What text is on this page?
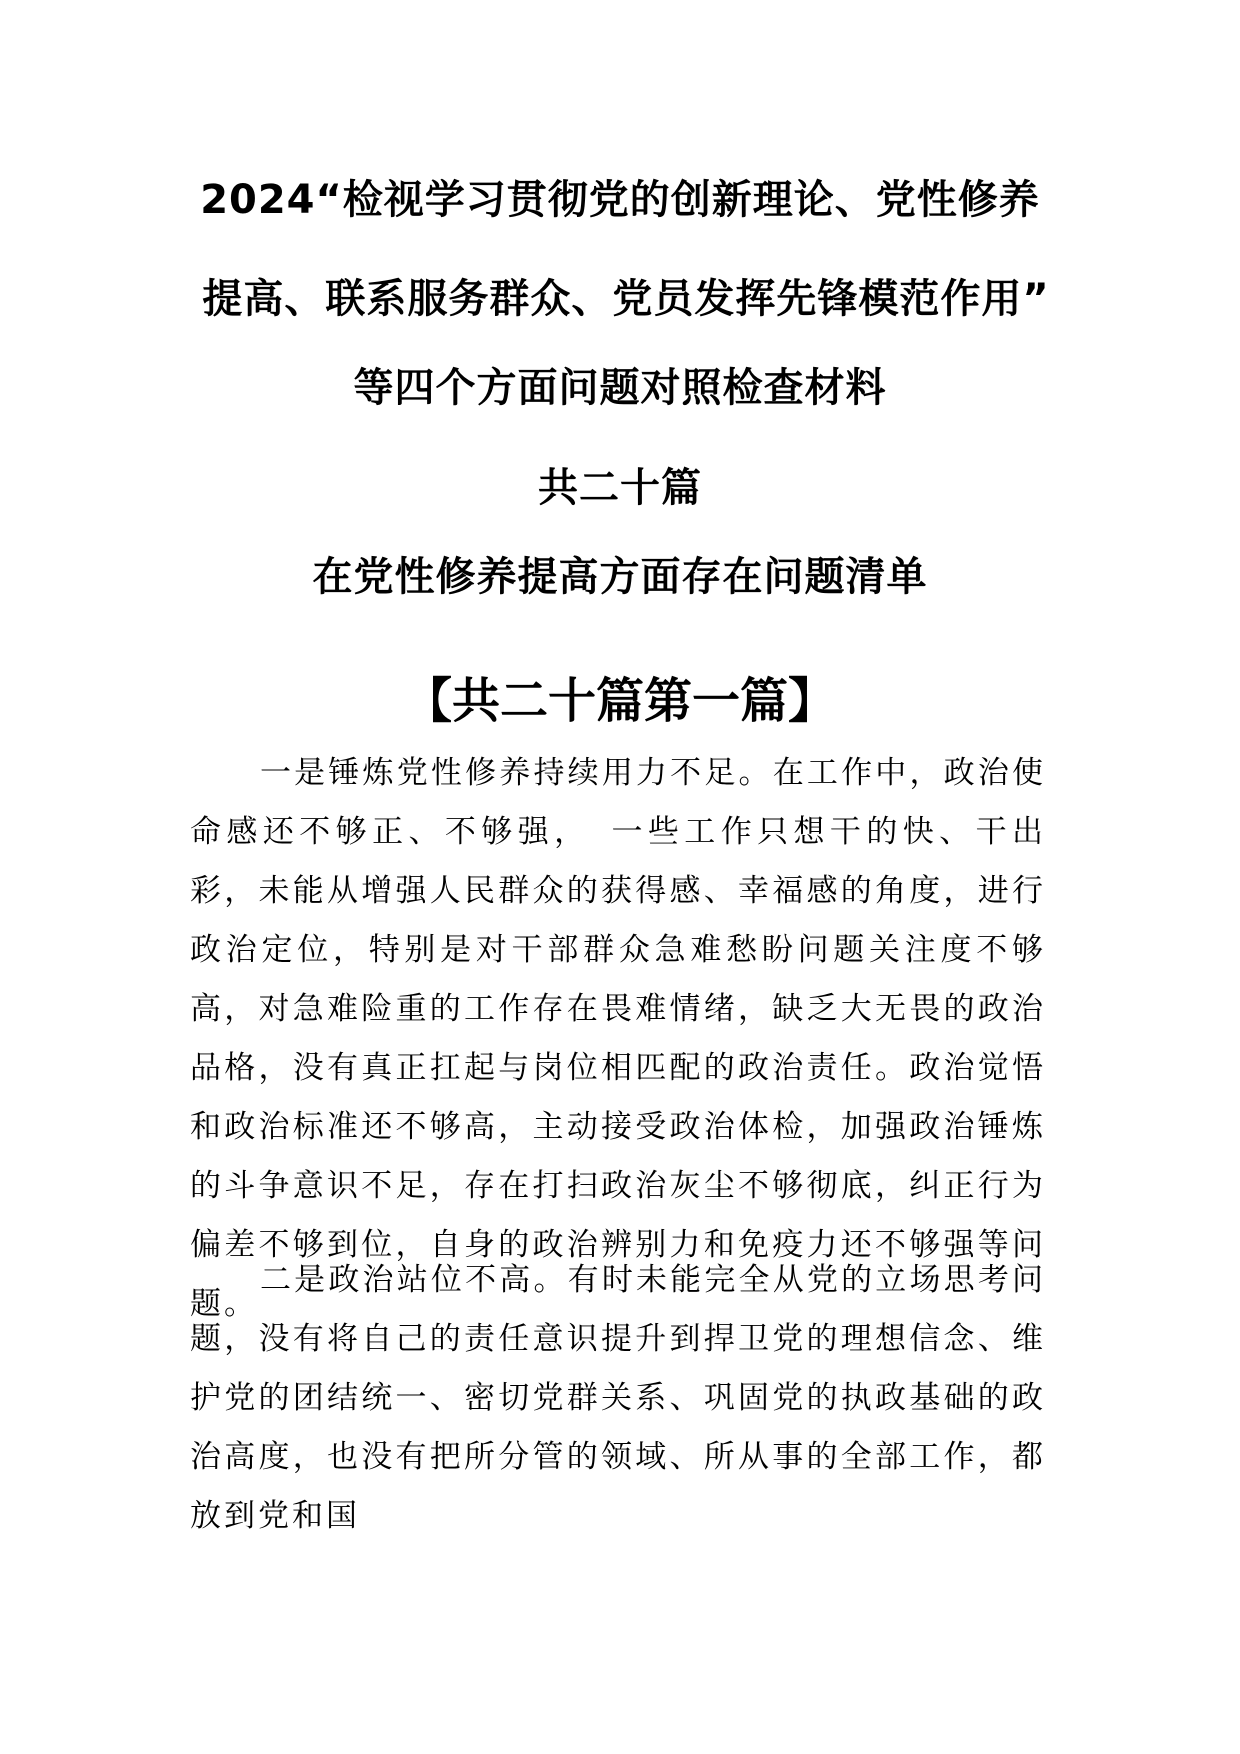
2024“检视学习贯彻党的创新理论、党性修养
提高、联系服务群众、党员发挥先锋模范作用”
等四个方面问题对照检查材料
共二十篇
在党性修养提高方面存在问题清单
【共二十篇第一篇】
一是锤炼党性修养持续用力不足。在工作中，政治使命感还不够正、不够强，　一些工作只想干的快、干出彩，未能从增强人民群众的获得感、幸福感的角度，进行政治定位，特别是对干部群众急难愁盼问题关注度不够高，对急难险重的工作存在畏难情绪，缺乏大无畏的政治品格，没有真正扛起与岗位相匹配的政治责任。政治觉悟和政治标准还不够高，主动接受政治体检，加强政治锤炼的斗争意识不足，存在打扫政治灰尘不够彻底，纠正行为偏差不够到位，自身的政治辨别力和免疫力还不够强等问题。
二是政治站位不高。有时未能完全从党的立场思考问题，没有将自己的责任意识提升到捍卫党的理想信念、维护党的团结统一、密切党群关系、巩固党的执政基础的政治高度，也没有把所分管的领域、所从事的全部工作，都放到党和国
